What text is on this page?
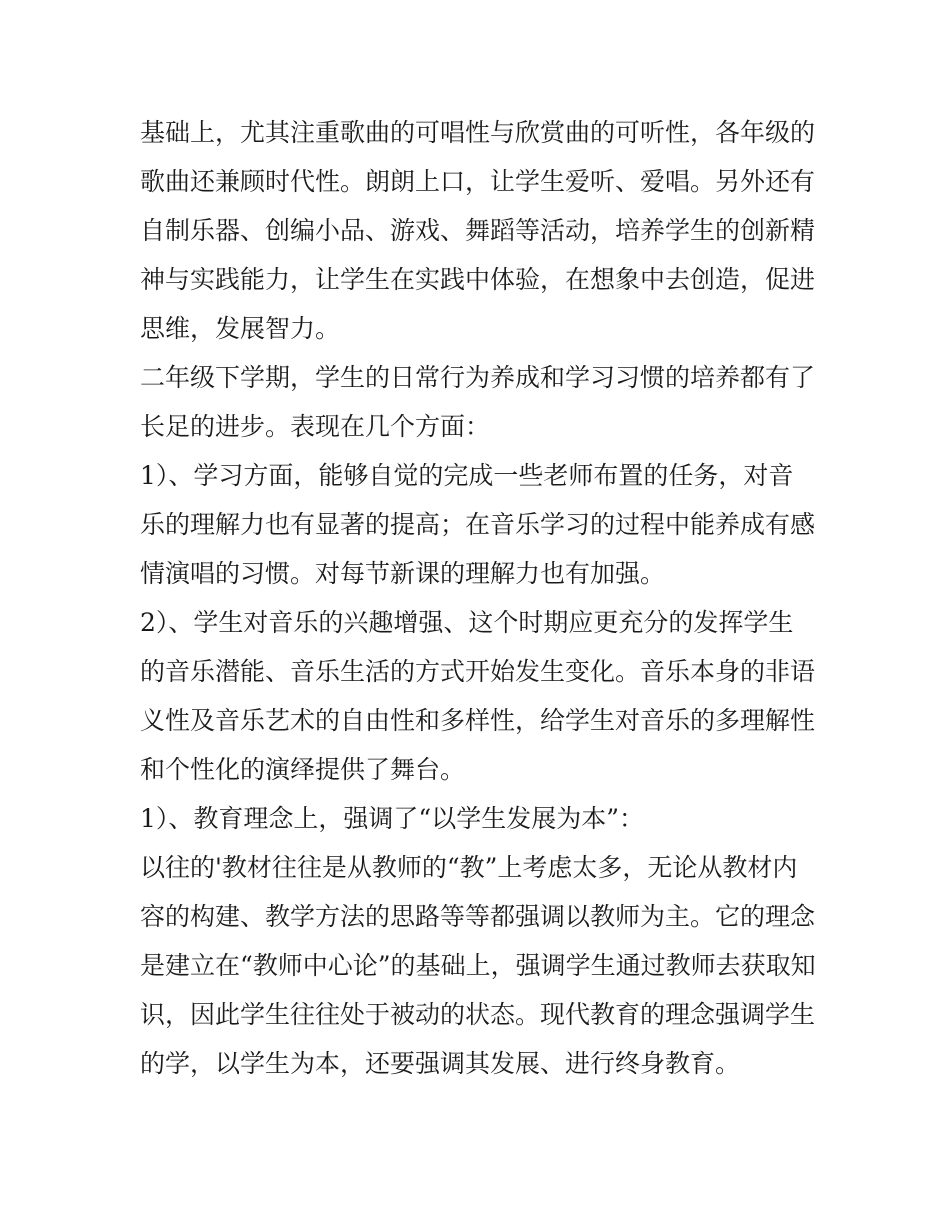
基础上，尤其注重歌曲的可唱性与欣赏曲的可听性，各年级的
歌曲还兼顾时代性。朗朗上口，让学生爱听、爱唱。另外还有
自制乐器、创编小品、游戏、舞蹈等活动，培养学生的创新精
神与实践能力，让学生在实践中体验，在想象中去创造，促进
思维，发展智力。
二年级下学期，学生的日常行为养成和学习习惯的培养都有了
长足的进步。表现在几个方面：
1）、学习方面，能够自觉的完成一些老师布置的任务，对音
乐的理解力也有显著的提高；在音乐学习的过程中能养成有感
情演唱的习惯。对每节新课的理解力也有加强。
2）、学生对音乐的兴趣增强、这个时期应更充分的发挥学生
的音乐潜能、音乐生活的方式开始发生变化。音乐本身的非语
义性及音乐艺术的自由性和多样性，给学生对音乐的多理解性
和个性化的演绎提供了舞台。
1）、教育理念上，强调了“以学生发展为本”：
以往的'教材往往是从教师的“教”上考虑太多，无论从教材内
容的构建、教学方法的思路等等都强调以教师为主。它的理念
是建立在“教师中心论”的基础上，强调学生通过教师去获取知
识，因此学生往往处于被动的状态。现代教育的理念强调学生
的学，以学生为本，还要强调其发展、进行终身教育。
